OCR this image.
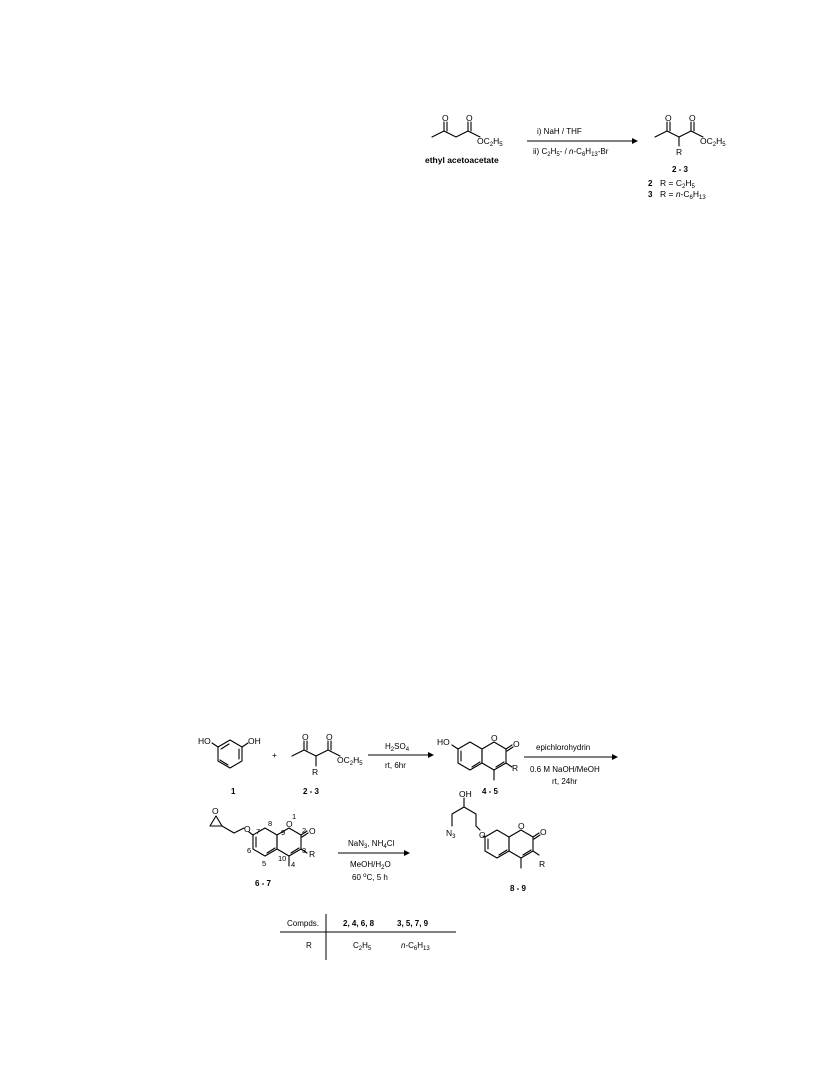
O O
$OC_2H_5$
ethyl acetoacetate
i) NaH / THF
ii) $C_2H_5- / n-C_6H_{13}-Br$
O O
R
$OC_2H_5$
2 - 3
2 $R = C_2H_5$
3 $R = n-C_6H_{13}$
HO	OH
1
+
O O
R
$OC_2H_5$
2 - 3
$H_2SO_4$
rt, 6hr
HO	O
O
R
4 - 5
epichlorohydrin
0.6 M NaOH/MeOH
rt, 24hr
O
O	O
O
R
1
2
3
4
5
6
7
8
9
10
6 - 7
NaN$_3$, $NH_4Cl$
MeOH/$H_2O$
60 $^o$C, 5 h
OH
$N_3$	O
O
O
R
8 - 9
Compds.	2, 4, 6, 8	3, 5, 7, 9
R	$C_2H_5$	$n-C_6H_{13}$
